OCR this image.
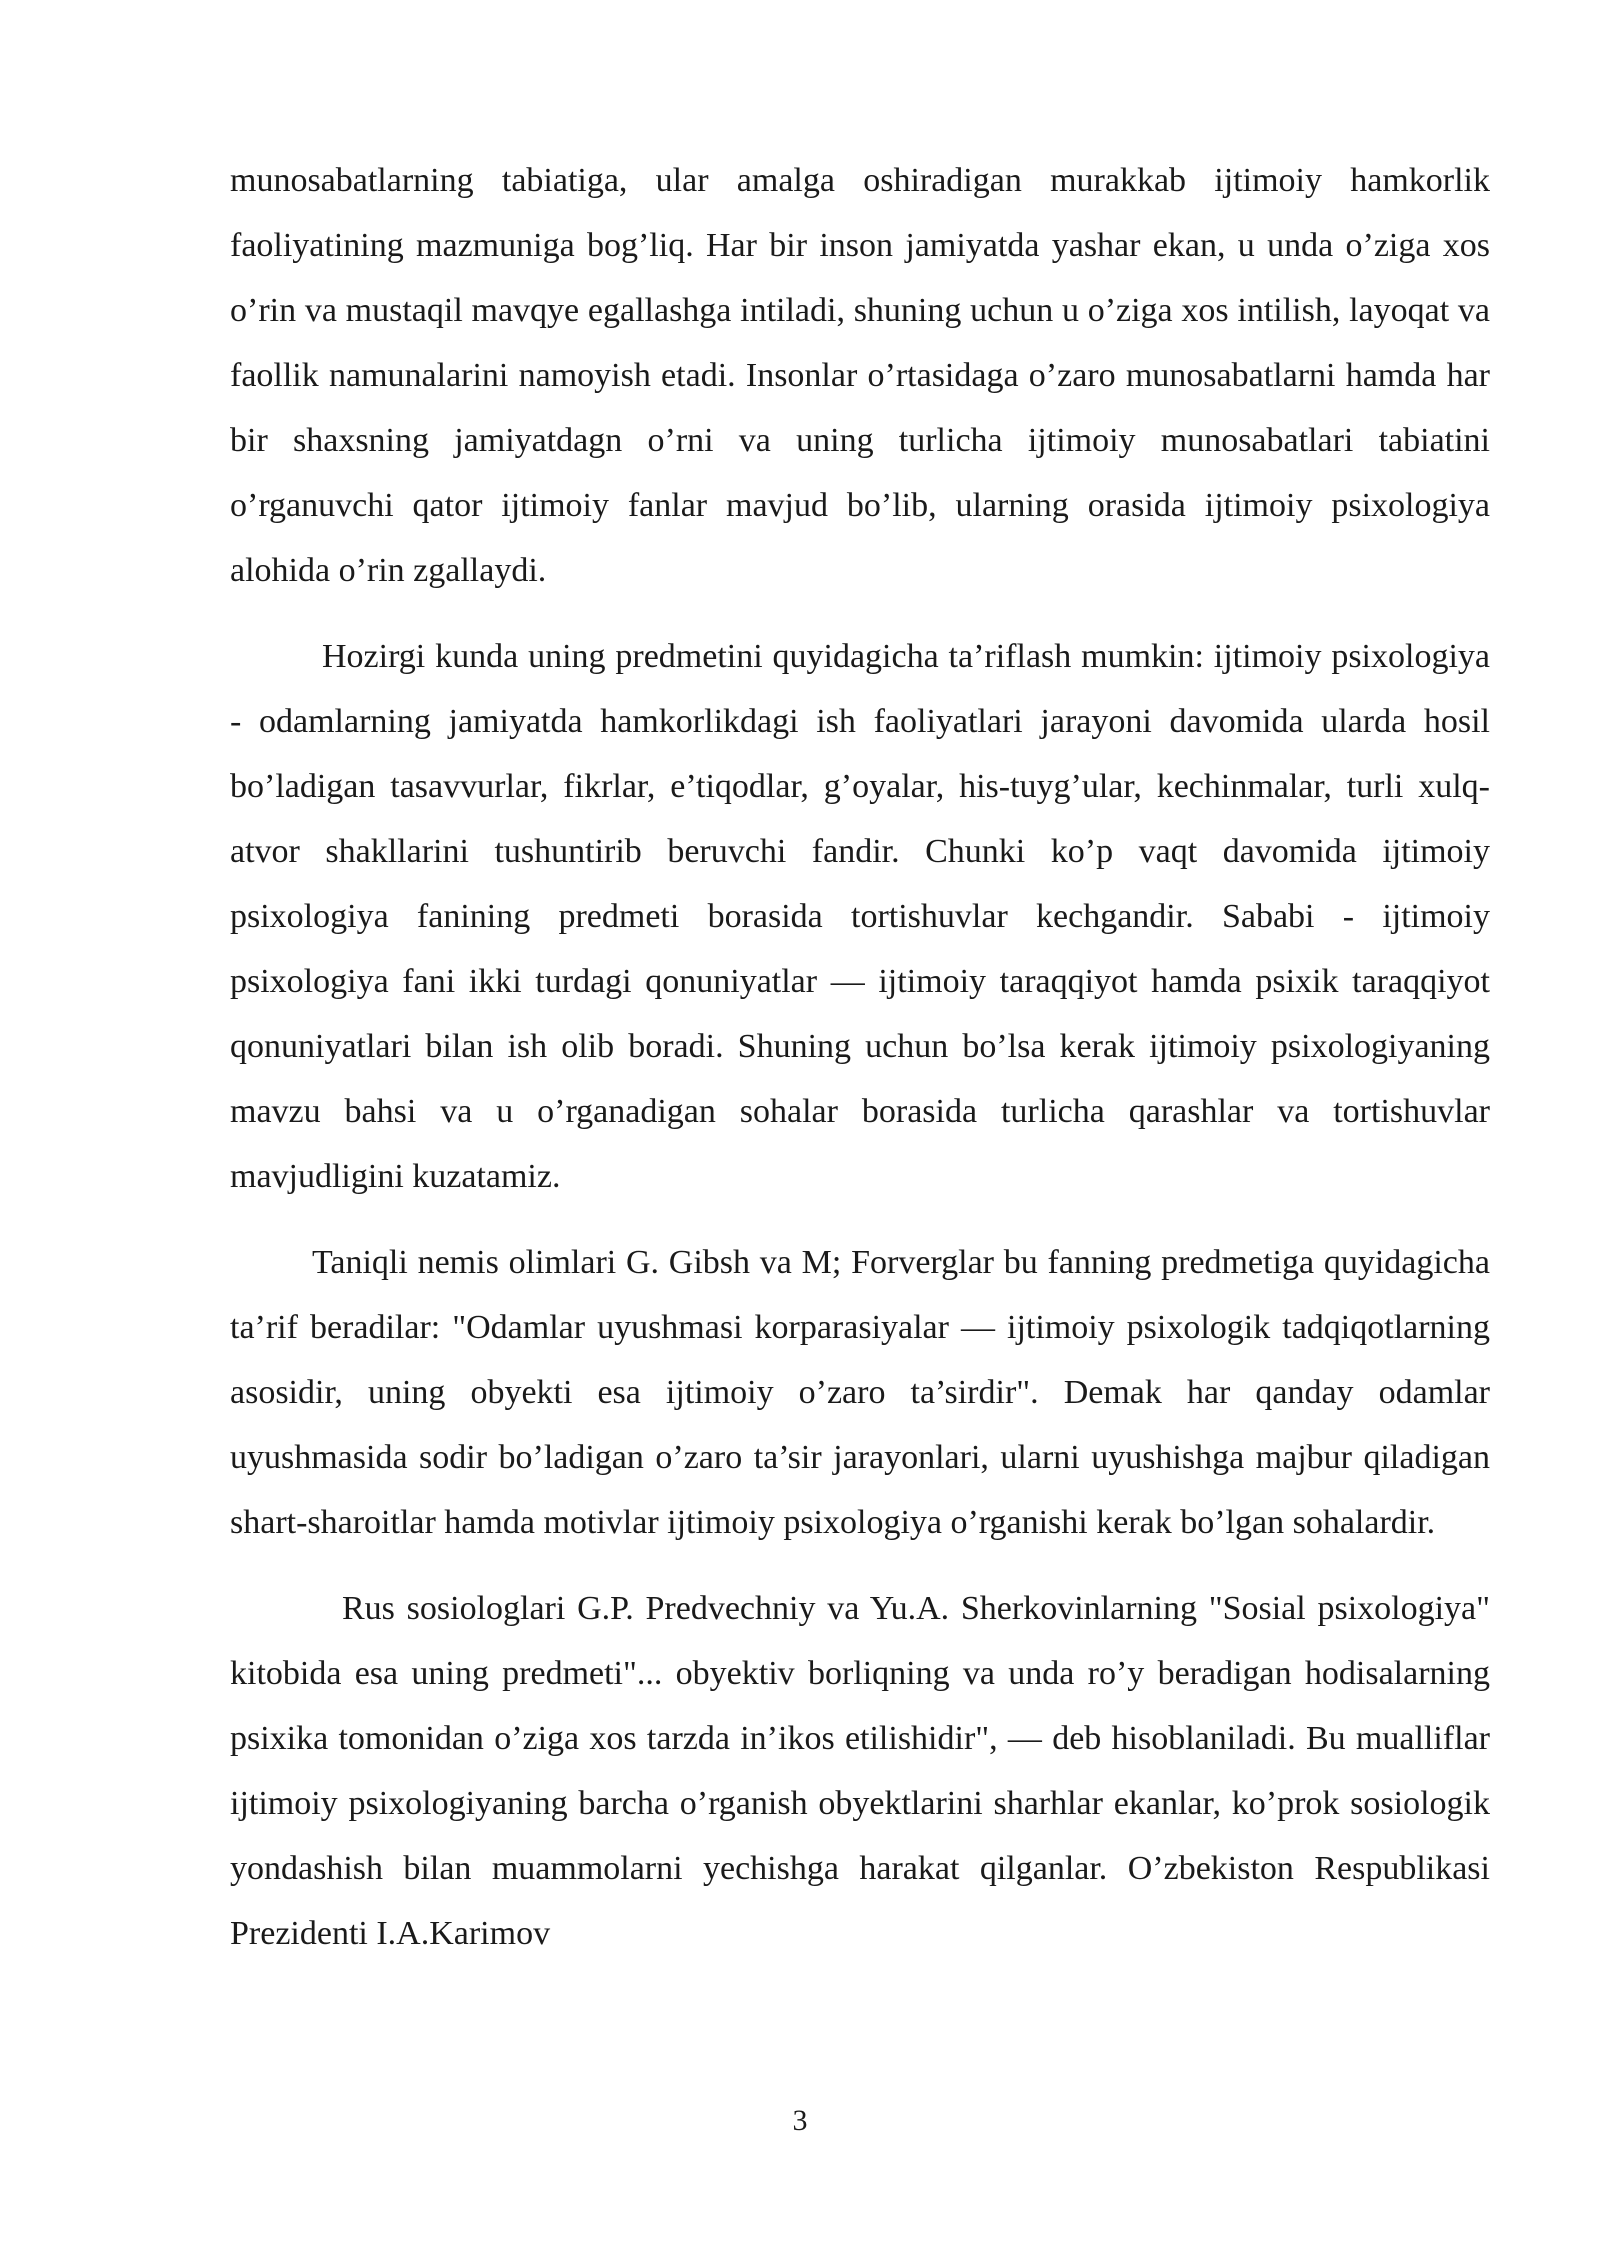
munosabatlarning tabiatiga, ular amalga oshiradigan murakkab ijtimoiy hamkorlik faoliyatining mazmuniga bog’liq. Har bir inson jamiyatda yashar ekan, u unda o’ziga xos o’rin va mustaqil mavqye egallashga intiladi, shuning uchun u o’ziga xos intilish, layoqat va faollik namunalarini namoyish etadi. Insonlar o’rtasidaga o’zaro munosabatlarni hamda har bir shaxsning jamiyatdagn o’rni va uning turlicha ijtimoiy munosabatlari tabiatini o’rganuvchi qator ijtimoiy fanlar mavjud bo’lib, ularning orasida ijtimoiy psixologiya alohida o’rin zgallaydi.

Hozirgi kunda uning predmetini quyidagicha ta’riflash mumkin: ijtimoiy psixologiya - odamlarning jamiyatda hamkorlikdagi ish faoliyatlari jarayoni davomida ularda hosil bo’ladigan tasavvurlar, fikrlar, e’tiqodlar, g’oyalar, his-tuyg’ular, kechinmalar, turli xulq-atvor shakllarini tushuntirib beruvchi fandir. Chunki ko’p vaqt davomida ijtimoiy psixologiya fanining predmeti borasida tortishuvlar kechgandir. Sababi - ijtimoiy psixologiya fani ikki turdagi qonuniyatlar — ijtimoiy taraqqiyot hamda psixik taraqqiyot qonuniyatlari bilan ish olib boradi. Shuning uchun bo’lsa kerak ijtimoiy psixologiyaning mavzu bahsi va u o’rganadigan sohalar borasida turlicha qarashlar va tortishuvlar mavjudligini kuzatamiz.

Taniqli nemis olimlari G. Gibsh va M; Forverglar bu fanning predmetiga quyidagicha ta’rif beradilar: "Odamlar uyushmasi korparasiyalar — ijtimoiy psixologik tadqiqotlarning asosidir, uning obyekti esa ijtimoiy o’zaro ta’sirdir". Demak har qanday odamlar uyushmasida sodir bo’ladigan o’zaro ta’sir jarayonlari, ularni uyushishga majbur qiladigan shart-sharoitlar hamda motivlar ijtimoiy psixologiya o’rganishi kerak bo’lgan sohalardir.

Rus sosiologlari G.P. Predvechniy va Yu.A. Sherkovinlarning "Sosial psixologiya" kitobida esa uning predmeti"... obyektiv borliqning va unda ro’y beradigan hodisalarning psixika tomonidan o’ziga xos tarzda in’ikos etilishidir", — deb hisoblaniladi. Bu mualliflar ijtimoiy psixologiyaning barcha o’rganish obyektlarini sharhlar ekanlar, ko’prok sosiologik yondashish bilan muammolarni yechishga harakat qilganlar. O’zbekiston Respublikasi Prezidenti I.A.Karimov

3
